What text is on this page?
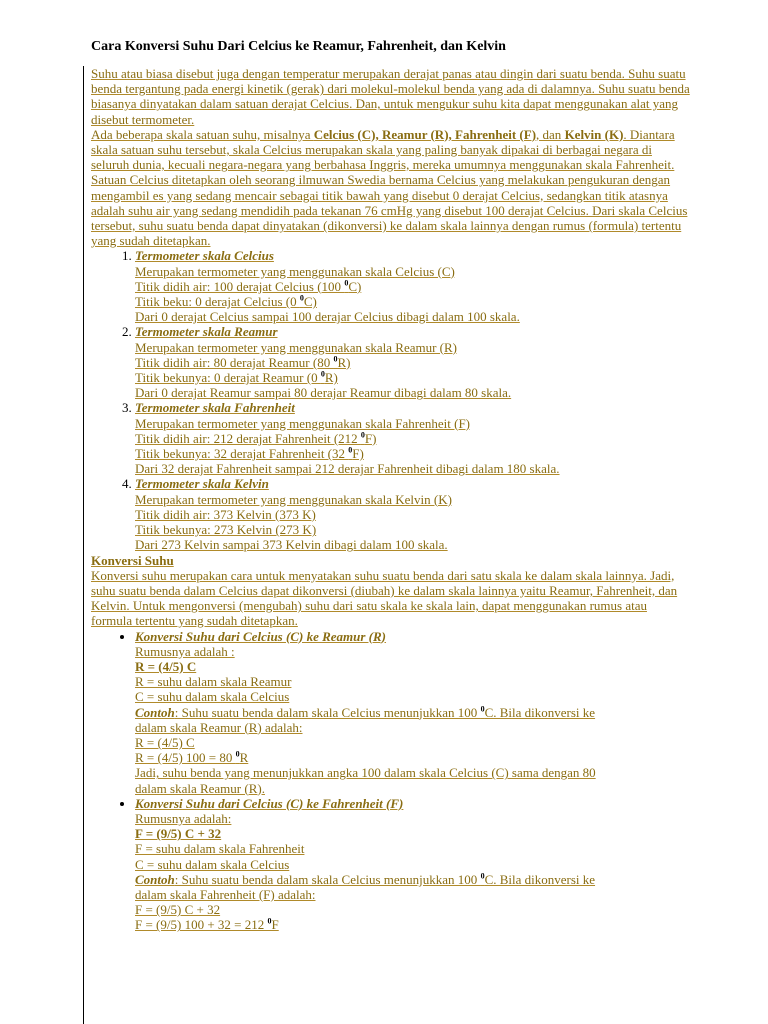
Cara Konversi Suhu Dari Celcius ke Reamur, Fahrenheit, dan Kelvin

Suhu atau biasa disebut juga dengan temperatur merupakan derajat panas atau dingin dari suatu benda. Suhu suatu benda tergantung pada energi kinetik (gerak) dari molekul-molekul benda yang ada di dalamnya. Suhu suatu benda biasanya dinyatakan dalam satuan derajat Celcius. Dan, untuk mengukur suhu kita dapat menggunakan alat yang disebut termometer.

Ada beberapa skala satuan suhu, misalnya Celcius (C), Reamur (R), Fahrenheit (F), dan Kelvin (K). Diantara skala satuan suhu tersebut, skala Celcius merupakan skala yang paling banyak dipakai di berbagai negara di seluruh dunia, kecuali negara-negara yang berbahasa Inggris, mereka umumnya menggunakan skala Fahrenheit.

Satuan Celcius ditetapkan oleh seorang ilmuwan Swedia bernama Celcius yang melakukan pengukuran dengan mengambil es yang sedang mencair sebagai titik bawah yang disebut 0 derajat Celcius, sedangkan titik atasnya adalah suhu air yang sedang mendidih pada tekanan 76 cmHg yang disebut 100 derajat Celcius. Dari skala Celcius tersebut, suhu suatu benda dapat dinyatakan (dikonversi) ke dalam skala lainnya dengan rumus (formula) tertentu yang sudah ditetapkan.

1. Termometer skala Celcius
Merupakan termometer yang menggunakan skala Celcius (C)
Titik didih air: 100 derajat Celcius (100 $^0$C)
Titik beku: 0 derajat Celcius (0 $^0$C)
Dari 0 derajat Celcius sampai 100 derajar Celcius dibagi dalam 100 skala.
2. Termometer skala Reamur
Merupakan termometer yang menggunakan skala Reamur (R)
Titik didih air: 80 derajat Reamur (80 $^0$R)
Titik bekunya: 0 derajat Reamur (0 $^0$R)
Dari 0 derajat Reamur sampai 80 derajar Reamur dibagi dalam 80 skala.
3. Termometer skala Fahrenheit
Merupakan termometer yang menggunakan skala Fahrenheit (F)
Titik didih air: 212 derajat Fahrenheit (212 $^0$F)
Titik bekunya: 32 derajat Fahrenheit (32 $^0$F)
Dari 32 derajat Fahrenheit sampai 212 derajar Fahrenheit dibagi dalam 180 skala.
4. Termometer skala Kelvin
Merupakan termometer yang menggunakan skala Kelvin (K)
Titik didih air: 373 Kelvin (373 K)
Titik bekunya: 273 Kelvin (273 K)
Dari 273 Kelvin sampai 373 Kelvin dibagi dalam 100 skala.

Konversi Suhu

Konversi suhu merupakan cara untuk menyatakan suhu suatu benda dari satu skala ke dalam skala lainnya. Jadi, suhu suatu benda dalam Celcius dapat dikonversi (diubah) ke dalam skala lainnya yaitu Reamur, Fahrenheit, dan Kelvin. Untuk mengonversi (mengubah) suhu dari satu skala ke skala lain, dapat menggunakan rumus atau formula tertentu yang sudah ditetapkan.

• Konversi Suhu dari Celcius (C) ke Reamur (R)
Rumusnya adalah :
R = (4/5) C
R = suhu dalam skala Reamur
C = suhu dalam skala Celcius
Contoh: Suhu suatu benda dalam skala Celcius menunjukkan 100 $^0$C. Bila dikonversi ke
dalam skala Reamur (R) adalah:
R = (4/5) C
R = (4/5) 100 = 80 $^0$R
Jadi, suhu benda yang menunjukkan angka 100 dalam skala Celcius (C) sama dengan 80
dalam skala Reamur (R).
• Konversi Suhu dari Celcius (C) ke Fahrenheit (F)
Rumusnya adalah:
F = (9/5) C + 32
F = suhu dalam skala Fahrenheit
C = suhu dalam skala Celcius
Contoh: Suhu suatu benda dalam skala Celcius menunjukkan 100 $^0$C. Bila dikonversi ke
dalam skala Fahrenheit (F) adalah:
F = (9/5) C + 32
F = (9/5) 100 + 32 = 212 $^0$F
